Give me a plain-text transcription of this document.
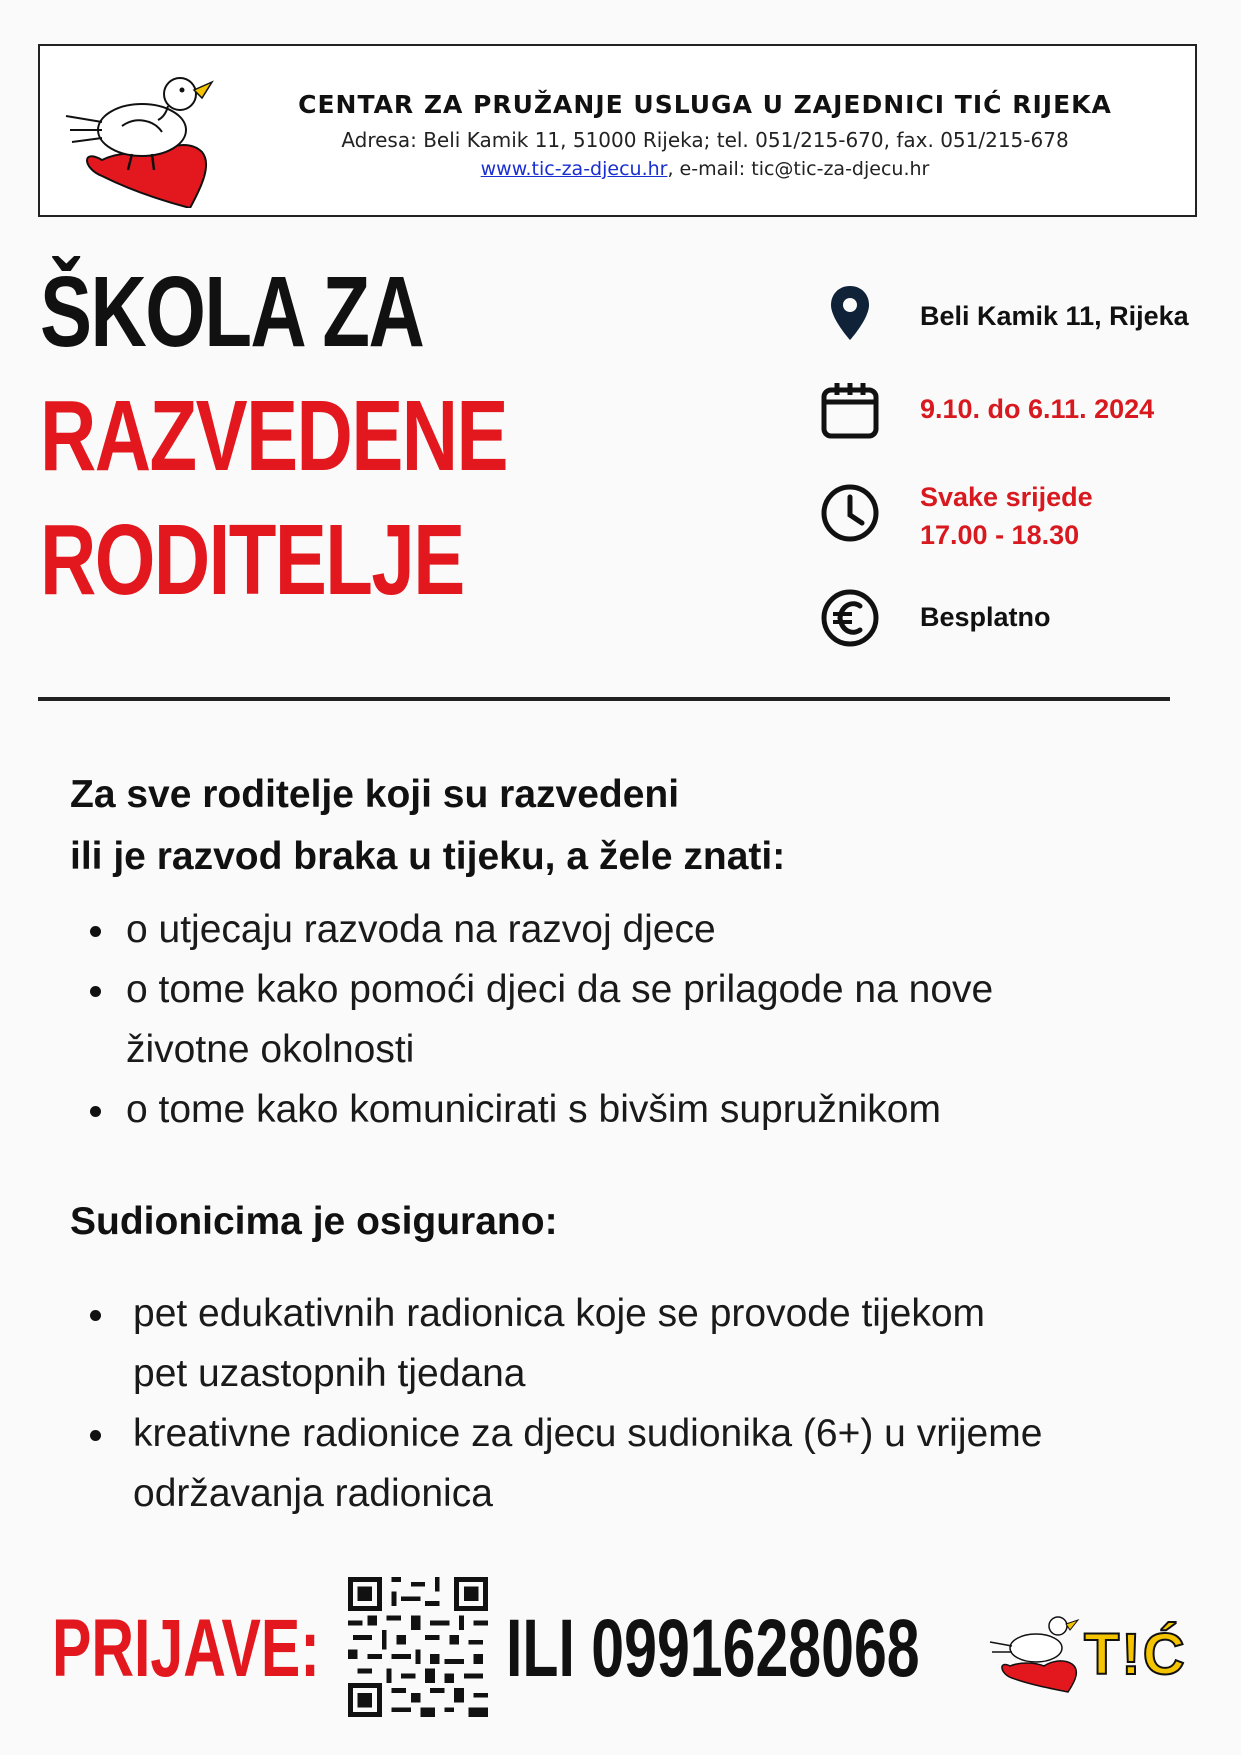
CENTAR ZA PRUŽANJE USLUGA U ZAJEDNICI TIĆ RIJEKA
Adresa: Beli Kamik 11, 51000 Rijeka; tel. 051/215-670, fax. 051/215-678
www.tic-za-djecu.hr, e-mail: tic@tic-za-djecu.hr
ŠKOLA ZA
RAZVEDENE
RODITELJE
Beli Kamik 11, Rijeka
9.10. do 6.11. 2024
Svake srijede
17.00 - 18.30
Besplatno
Za sve roditelje koji su razvedeni
ili je razvod braka u tijeku, a žele znati:
o utjecaju razvoda na razvoj djece
o tome kako pomoći djeci da se prilagode na nove životne okolnosti
o tome kako komunicirati s bivšim supružnikom
Sudionicima je osigurano:
pet edukativnih radionica koje se provode tijekom pet uzastopnih tjedana
kreativne radionice za djecu sudionika (6+) u vrijeme održavanja radionica
PRIJAVE: ILI 0991628068	T!Ć
